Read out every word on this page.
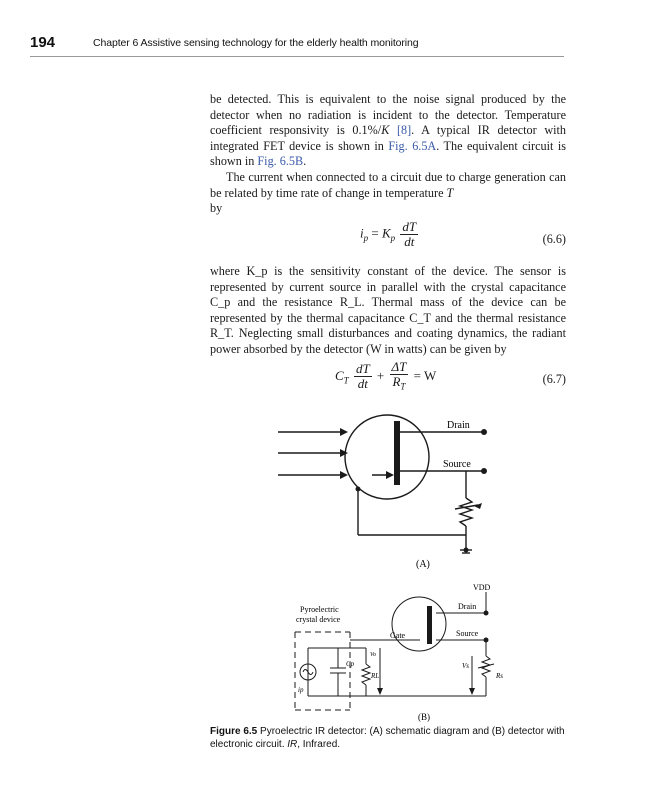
194	Chapter 6 Assistive sensing technology for the elderly health monitoring

be detected. This is equivalent to the noise signal produced by the detector when no radiation is incident to the detector. Temperature coefficient responsivity is 0.1%/K [8]. A typical IR detector with integrated FET device is shown in Fig. 6.5A. The equivalent circuit is shown in Fig. 6.5B.

The current when connected to a circuit due to charge generation can be related by time rate of change in temperature T
by

$i_p = K_p \frac{dT}{dt}$	(6.6)

where K_p is the sensitivity constant of the device. The sensor is represented by current source in parallel with the crystal capacitance C_p and the resistance R_L. Thermal mass of the device can be represented by the thermal capacitance C_T and the thermal resistance R_T. Neglecting small disturbances and coating dynamics, the radiant power absorbed by the detector (W in watts) can be given by

$C_T \frac{dT}{dt} + \frac{\Delta T}{R_T} = W$	(6.7)
Drain
Source
(A)
VDD
Drain
Source
Gate
Pyroelectric
crystal device
Cp
ip
Vo
RL
Vs
Rs
(B)
Figure 6.5 Pyroelectric IR detector: (A) schematic diagram and (B) detector with electronic circuit. IR, Infrared.
